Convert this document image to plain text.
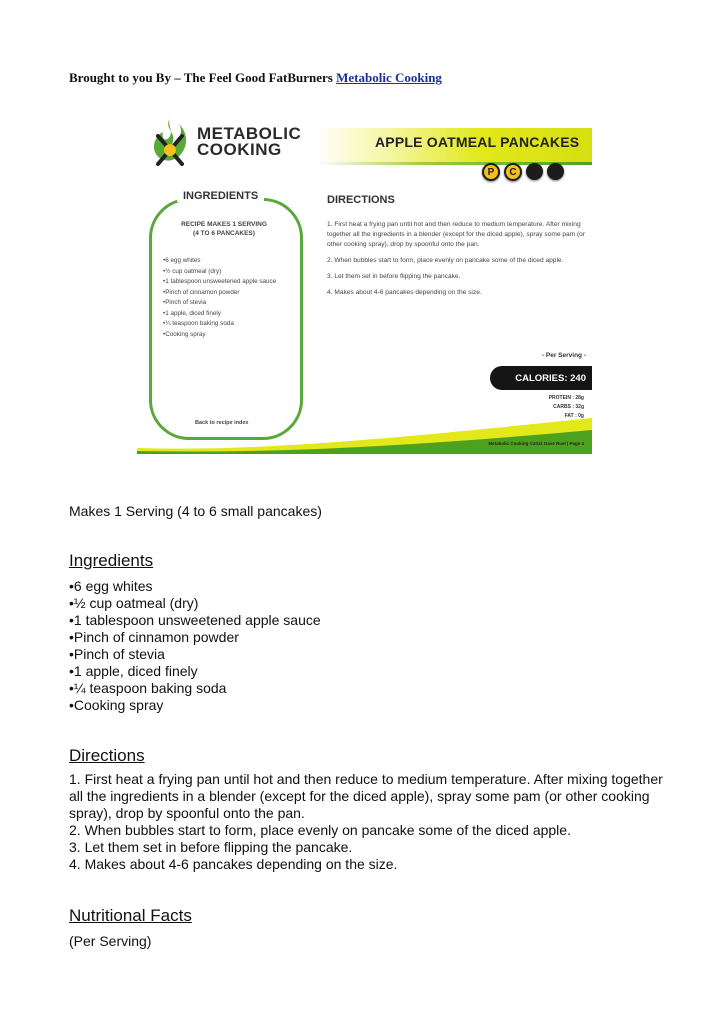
Brought to you By – The Feel Good FatBurners Metabolic Cooking
METABOLIC
COOKING	APPLE OATMEAL PANCAKES
P	C
INGREDIENTS
RECIPE MAKES 1 SERVING
(4 TO 6 PANCAKES)
• 6 egg whites
• ½ cup oatmeal (dry)
• 1 tablespoon unsweetened apple sauce
• Pinch of cinnamon powder
• Pinch of stevia
• 1 apple, diced finely
• ¼ teaspoon baking soda
• Cooking spray
Back to recipe index
DIRECTIONS
1. First heat a frying pan until hot and then reduce to medium temperature. After mixing together all the ingredients in a blender (except for the diced apple), spray some pam (or other cooking spray), drop by spoonful onto the pan.
2. When bubbles start to form, place evenly on pancake some of the diced apple.
3. Let them set in before flipping the pancake.
4. Makes about 4-6 pancakes depending on the size.
- Per Serving -
CALORIES: 240
PROTEIN : 28g
CARBS : 32g
FAT : 0g
Metabolic Cooking ©2011 Dave Ruel | Page 4
Makes 1 Serving (4 to 6 small pancakes)
Ingredients
• 6 egg whites
• ½ cup oatmeal (dry)
• 1 tablespoon unsweetened apple sauce
• Pinch of cinnamon powder
• Pinch of stevia
• 1 apple, diced finely
• ¼ teaspoon baking soda
• Cooking spray
Directions
1. First heat a frying pan until hot and then reduce to medium temperature. After mixing together all the ingredients in a blender (except for the diced apple), spray some pam (or other cooking spray), drop by spoonful onto the pan.
2. When bubbles start to form, place evenly on pancake some of the diced apple.
3. Let them set in before flipping the pancake.
4. Makes about 4-6 pancakes depending on the size.
Nutritional Facts
(Per Serving)
